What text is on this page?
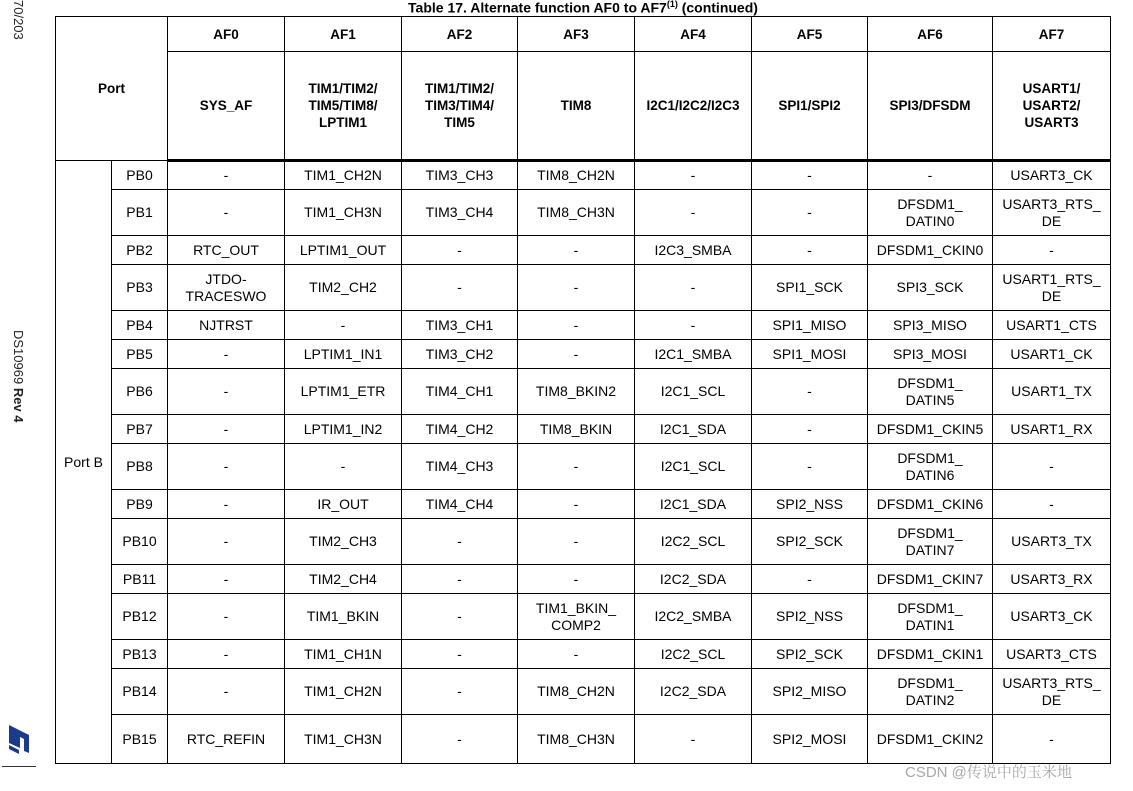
70/203
DS10969 Rev 4
ST
Table 17. Alternate function AF0 to AF7$^{(1)}$ (continued)
Port		AF0	AF1	AF2	AF3	AF4	AF5	AF6	AF7
		SYS_AF	TIM1/TIM2/
TIM5/TIM8/
LPTIM1	TIM1/TIM2/
TIM3/TIM4/
TIM5	TIM8	I2C1/I2C2/I2C3	SPI1/SPI2	SPI3/DFSDM	USART1/
USART2/
USART3
Port B	PB0	-	TIM1_CH2N	TIM3_CH3	TIM8_CH2N	-	-	-	USART3_CK
	PB1	-	TIM1_CH3N	TIM3_CH4	TIM8_CH3N	-	-	DFSDM1_
DATIN0	USART3_RTS_
DE
	PB2	RTC_OUT	LPTIM1_OUT	-	-	I2C3_SMBA	-	DFSDM1_CKIN0	-
	PB3	JTDO-
TRACESWO	TIM2_CH2	-	-	-	SPI1_SCK	SPI3_SCK	USART1_RTS_
DE
	PB4	NJTRST	-	TIM3_CH1	-	-	SPI1_MISO	SPI3_MISO	USART1_CTS
	PB5	-	LPTIM1_IN1	TIM3_CH2	-	I2C1_SMBA	SPI1_MOSI	SPI3_MOSI	USART1_CK
	PB6	-	LPTIM1_ETR	TIM4_CH1	TIM8_BKIN2	I2C1_SCL	-	DFSDM1_
DATIN5	USART1_TX
	PB7	-	LPTIM1_IN2	TIM4_CH2	TIM8_BKIN	I2C1_SDA	-	DFSDM1_CKIN5	USART1_RX
	PB8	-	-	TIM4_CH3	-	I2C1_SCL	-	DFSDM1_
DATIN6	-
	PB9	-	IR_OUT	TIM4_CH4	-	I2C1_SDA	SPI2_NSS	DFSDM1_CKIN6	-
	PB10	-	TIM2_CH3	-	-	I2C2_SCL	SPI2_SCK	DFSDM1_
DATIN7	USART3_TX
	PB11	-	TIM2_CH4	-	-	I2C2_SDA	-	DFSDM1_CKIN7	USART3_RX
	PB12	-	TIM1_BKIN	-	TIM1_BKIN_
COMP2	I2C2_SMBA	SPI2_NSS	DFSDM1_
DATIN1	USART3_CK
	PB13	-	TIM1_CH1N	-	-	I2C2_SCL	SPI2_SCK	DFSDM1_CKIN1	USART3_CTS
	PB14	-	TIM1_CH2N	-	TIM8_CH2N	I2C2_SDA	SPI2_MISO	DFSDM1_
DATIN2	USART3_RTS_
DE
	PB15	RTC_REFIN	TIM1_CH3N	-	TIM8_CH3N	-	SPI2_MOSI	DFSDM1_CKIN2	-
CSDN @传说中的玉米地
